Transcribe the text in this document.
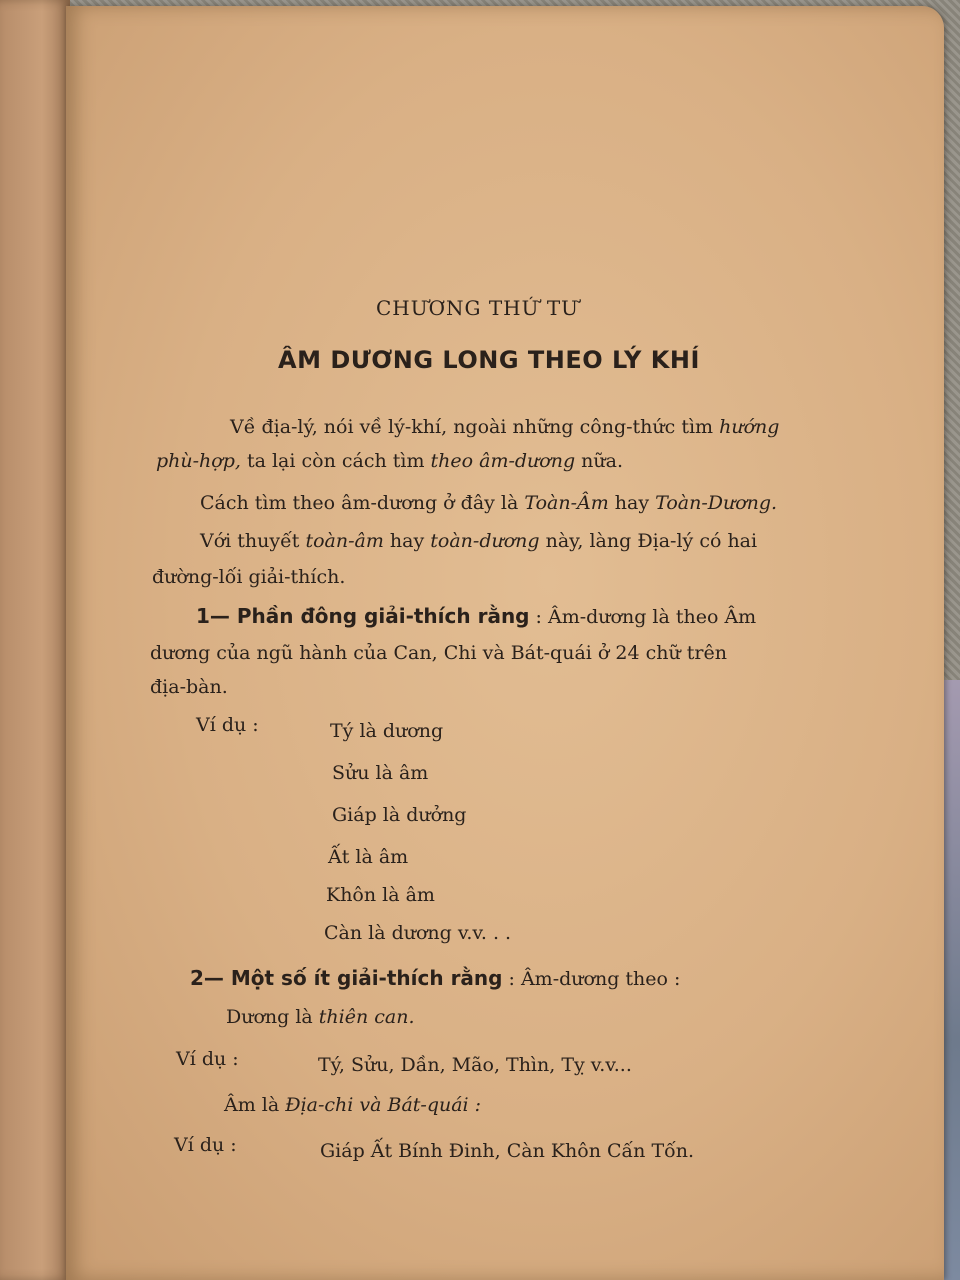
CHƯƠNG THỨ TƯ
ÂM DƯƠNG LONG THEO LÝ KHÍ
Về địa-lý, nói về lý-khí, ngoài những công-thức tìm hướng
phù-hợp, ta lại còn cách tìm theo âm-dương nữa.
Cách tìm theo âm-dương ở đây là Toàn-Âm hay Toàn-Dương.
Với thuyết toàn-âm hay toàn-dương này, làng Địa-lý có hai
đường-lối giải-thích.
1— Phần đông giải-thích rằng : Âm-dương là theo Âm
dương của ngũ hành của Can, Chi và Bát-quái ở 24 chữ trên
địa-bàn.
Ví dụ :	Tý là dương
Sửu là âm
Giáp là dưởng
Ất là âm
Khôn là âm
Càn là dương v.v. . .
2— Một số ít giải-thích rằng : Âm-dương theo :
Dương là thiên can.
Ví dụ :	Tý, Sửu, Dần, Mão, Thìn, Tỵ v.v...
Âm là Địa-chi và Bát-quái :
Ví dụ :	Giáp Ất Bính Đinh, Càn Khôn Cấn Tốn.
